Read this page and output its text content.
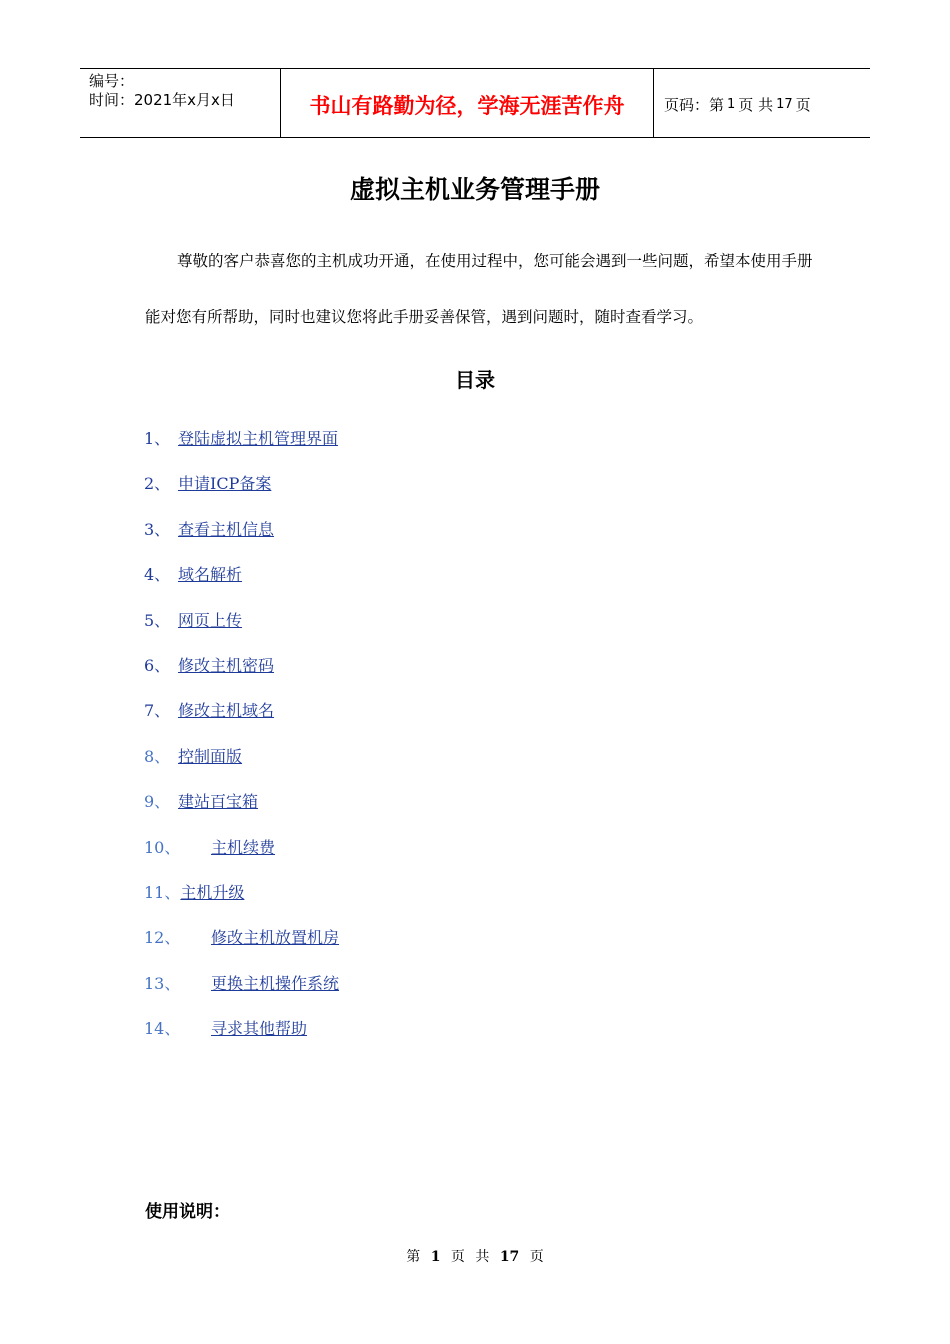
编号：
时间：2021年x月x日	书山有路勤为径，学海无涯苦作舟	页码：第 1 页 共 17 页
虚拟主机业务管理手册
尊敬的客户恭喜您的主机成功开通，在使用过程中，您可能会遇到一些问题，希望本使用手册能对您有所帮助，同时也建议您将此手册妥善保管，遇到问题时，随时查看学习。
目录
1、 登陆虚拟主机管理界面
2、 申请ICP备案
3、 查看主机信息
4、 域名解析
5、 网页上传
6、 修改主机密码
7、 修改主机域名
8、 控制面版
9、 建站百宝箱
10、	主机续费
11、 主机升级
12、	修改主机放置机房
13、	更换主机操作系统
14、	寻求其他帮助
使用说明：
第 1 页 共 17 页
